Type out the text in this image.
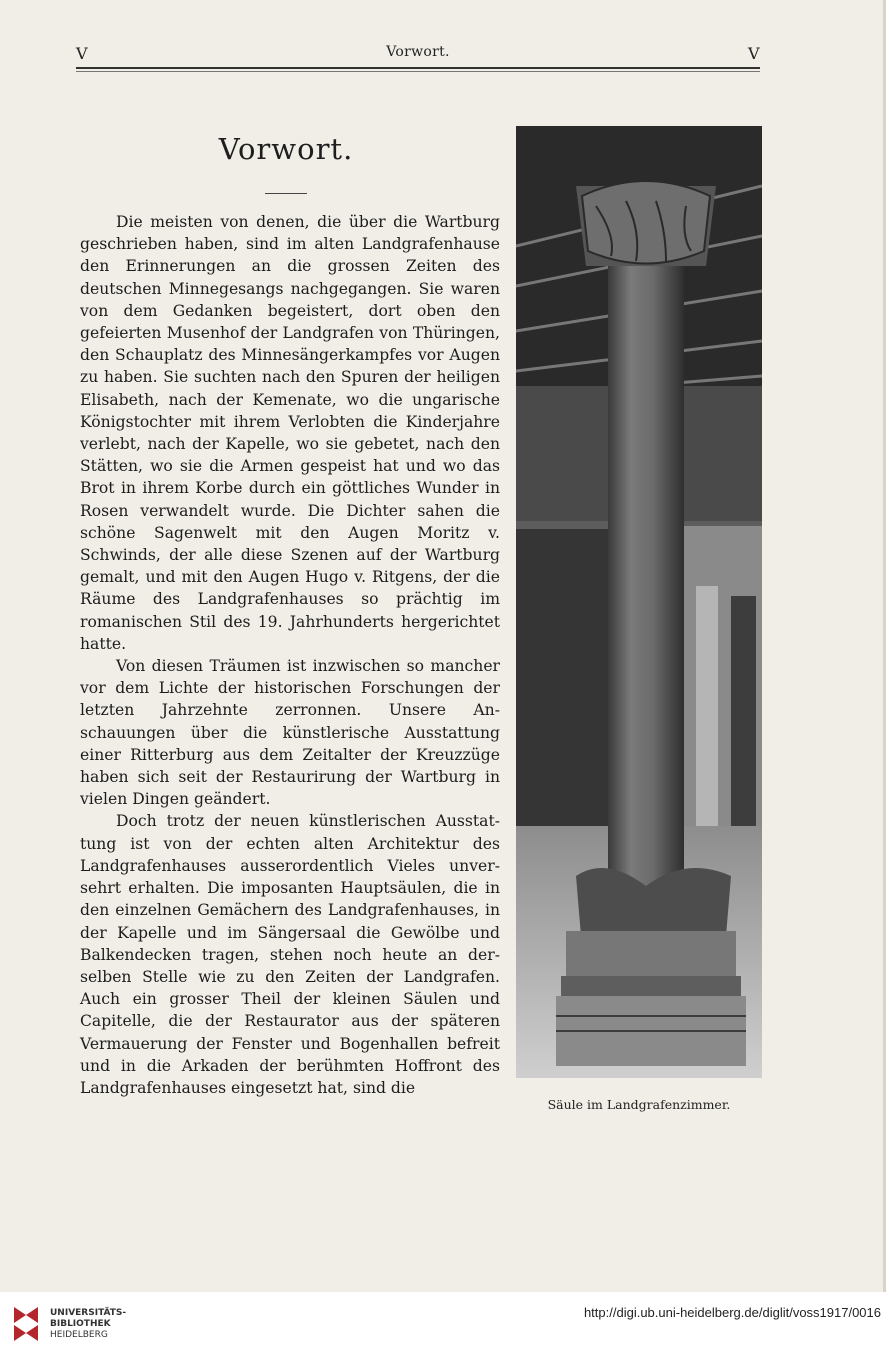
V	Vorwort.	V
Vorwort.

Die meisten von denen, die über die Wartburg geschrieben haben, sind im alten Landgrafenhause den Erinnerungen an die grossen Zeiten des deutschen Minnegesangs nachgegangen. Sie waren von dem Gedanken begeistert, dort oben den gefeierten Musenhof der Landgrafen von Thüringen, den Schauplatz des Minnesängerkampfes vor Augen zu haben. Sie suchten nach den Spuren der heiligen Elisabeth, nach der Kemenate, wo die ungarische Königstochter mit ihrem Verlobten die Kinderjahre verlebt, nach der Kapelle, wo sie gebetet, nach den Stätten, wo sie die Armen gespeist hat und wo das Brot in ihrem Korbe durch ein göttliches Wunder in Rosen verwandelt wurde. Die Dichter sahen die schöne Sagenwelt mit den Augen Moritz v. Schwinds, der alle diese Szenen auf der Wartburg gemalt, und mit den Augen Hugo v. Ritgens, der die Räume des Landgrafenhauses so prächtig im romanischen Stil des 19. Jahrhunderts hergerichtet hatte.

Von diesen Träumen ist inzwischen so mancher vor dem Lichte der historischen Forschungen der letzten Jahrzehnte zerronnen. Unsere Anschauungen über die künstlerische Ausstattung einer Ritterburg aus dem Zeitalter der Kreuzzüge haben sich seit der Restaurirung der Wartburg in vielen Dingen geändert.

Doch trotz der neuen künstlerischen Ausstattung ist von der echten alten Architektur des Landgrafenhauses ausserordentlich Vieles unversehrt erhalten. Die imposanten Hauptsäulen, die in den einzelnen Gemächern des Landgrafenhauses, in der Kapelle und im Sängersaal die Gewölbe und Balkendecken tragen, stehen noch heute an derselben Stelle wie zu den Zeiten der Landgrafen. Auch ein grosser Theil der kleinen Säulen und Capitelle, die der Restaurator aus der späteren Vermauerung der Fenster und Bogenhallen befreit und in die Arkaden der berühmten Hoffront des Landgrafenhauses eingesetzt hat, sind die

Säule im Landgrafenzimmer.
UNIVERSITÄTS-
BIBLIOTHEK
HEIDELBERG
http://digi.ub.uni-heidelberg.de/diglit/voss1917/0016
